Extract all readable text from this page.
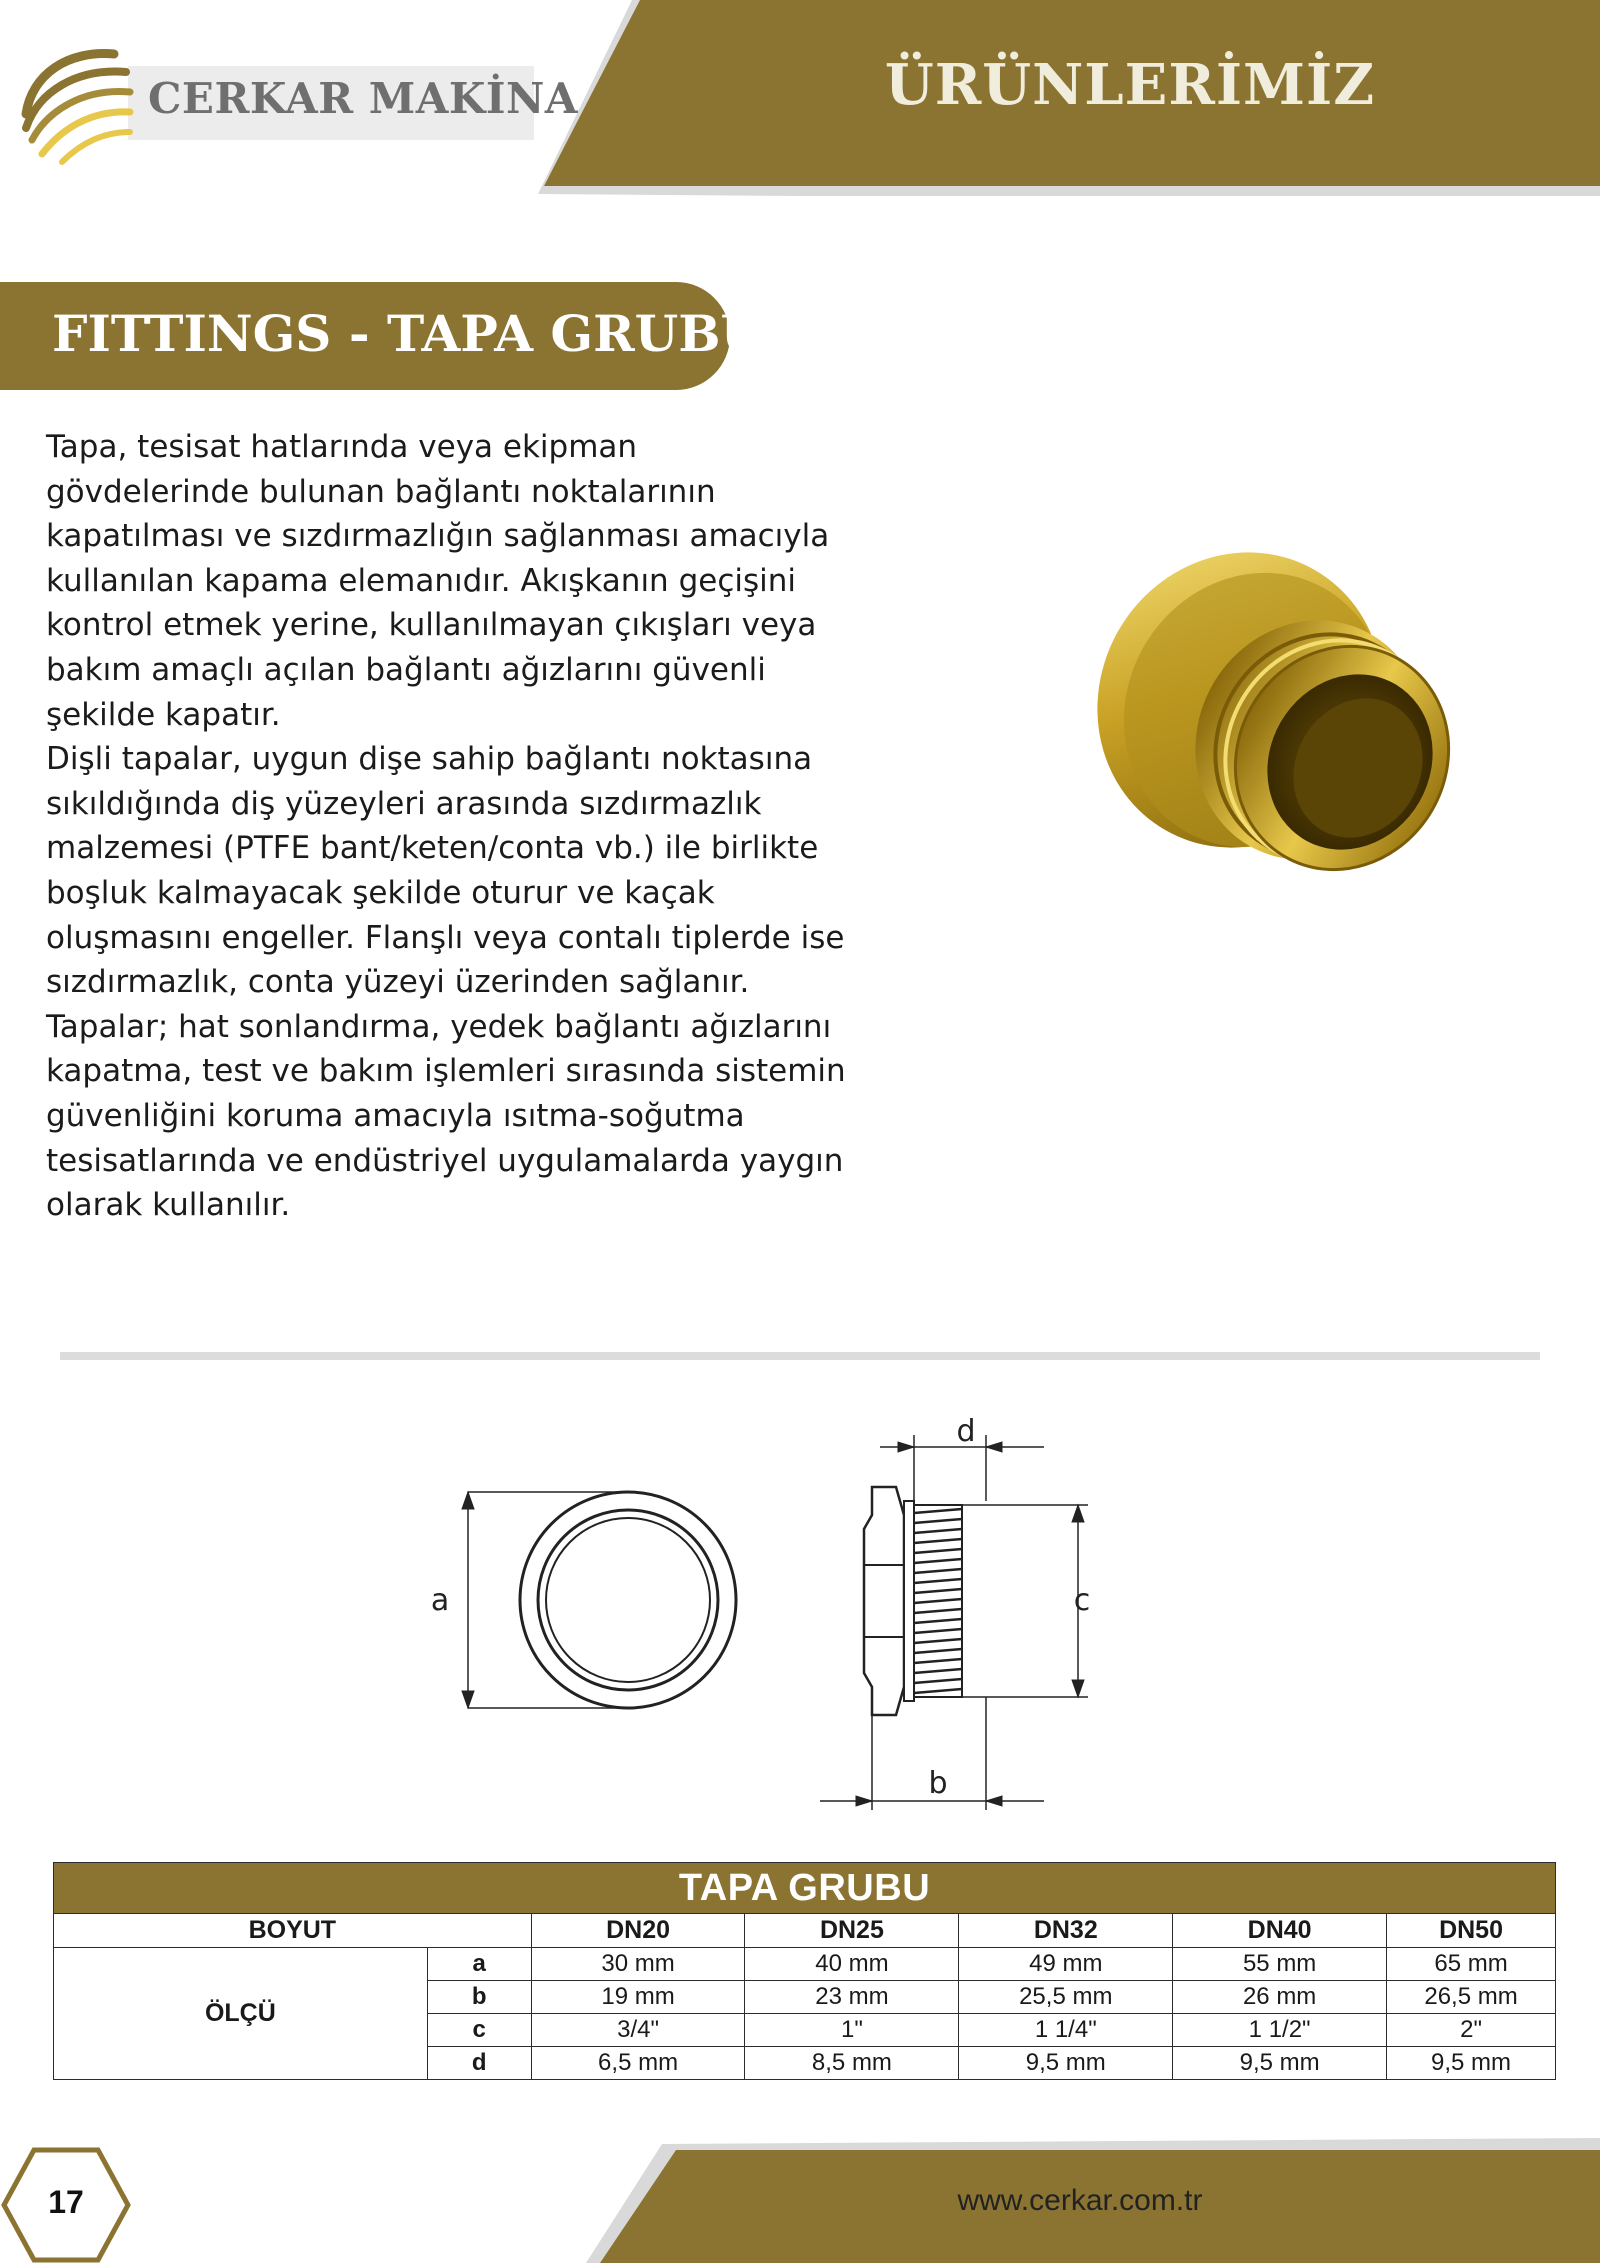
ÜRÜNLERİMİZ
CERKAR MAKİNA
FITTINGS - TAPA GRUBU

Tapa, tesisat hatlarında veya ekipman gövdelerinde bulunan bağlantı noktalarının kapatılması ve sızdırmazlığın sağlanması amacıyla kullanılan kapama elemanıdır. Akışkanın geçişini kontrol etmek yerine, kullanılmayan çıkışları veya bakım amaçlı açılan bağlantı ağızlarını güvenli şekilde kapatır.

Dişli tapalar, uygun dişe sahip bağlantı noktasına sıkıldığında diş yüzeyleri arasında sızdırmazlık malzemesi (PTFE bant/keten/conta vb.) ile birlikte boşluk kalmayacak şekilde oturur ve kaçak oluşmasını engeller. Flanşlı veya contalı tiplerde ise sızdırmazlık, conta yüzeyi üzerinden sağlanır.

Tapalar; hat sonlandırma, yedek bağlantı ağızlarını kapatma, test ve bakım işlemleri sırasında sistemin güvenliğini koruma amacıyla ısıtma-soğutma tesisatlarında ve endüstriyel uygulamalarda yaygın olarak kullanılır.

a
d
c
b
TAPA GRUBU						
BOYUT		DN20	DN25	DN32	DN40	DN50
ÖLÇÜ	a	30 mm	40 mm	49 mm	55 mm	65 mm
	b	19 mm	23 mm	25,5 mm	26 mm	26,5 mm
	c	3/4"	1"	1 1/4"	1 1/2"	2"
	d	6,5 mm	8,5 mm	9,5 mm	9,5 mm	9,5 mm
17	www.cerkar.com.tr
